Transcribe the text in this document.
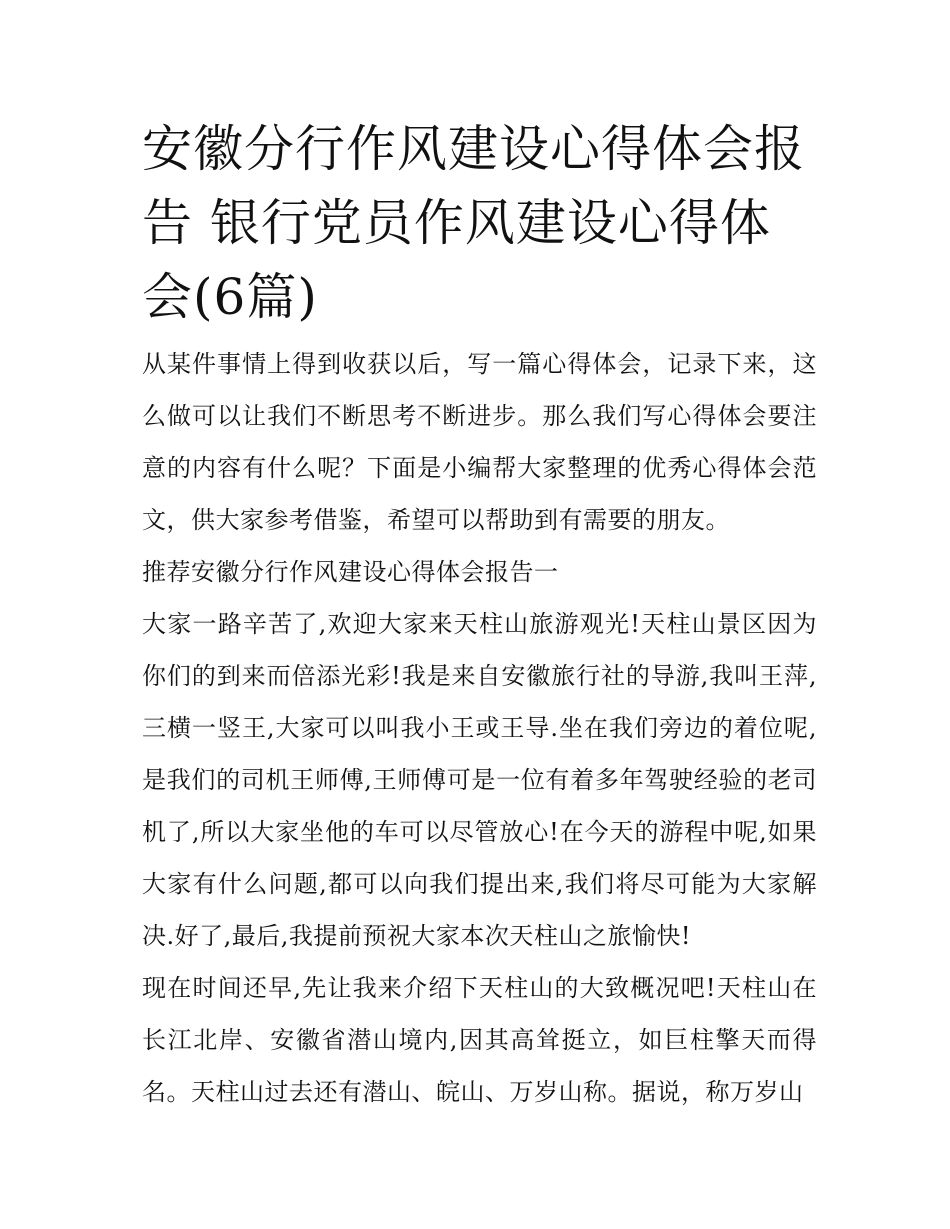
安徽分行作风建设心得体会报告 银行党员作风建设心得体会(6篇)

从某件事情上得到收获以后，写一篇心得体会，记录下来，这么做可以让我们不断思考不断进步。那么我们写心得体会要注意的内容有什么呢？下面是小编帮大家整理的优秀心得体会范文，供大家参考借鉴，希望可以帮助到有需要的朋友。

推荐安徽分行作风建设心得体会报告一

大家一路辛苦了,欢迎大家来天柱山旅游观光!天柱山景区因为你们的到来而倍添光彩!我是来自安徽旅行社的导游,我叫王萍,三横一竖王,大家可以叫我小王或王导.坐在我们旁边的着位呢,是我们的司机王师傅,王师傅可是一位有着多年驾驶经验的老司机了,所以大家坐他的车可以尽管放心!在今天的游程中呢,如果大家有什么问题,都可以向我们提出来,我们将尽可能为大家解决.好了,最后,我提前预祝大家本次天柱山之旅愉快!

现在时间还早,先让我来介绍下天柱山的大致概况吧!天柱山在长江北岸、安徽省潜山境内,因其高耸挺立，如巨柱擎天而得名。天柱山过去还有潜山、皖山、万岁山称。据说，称万岁山
